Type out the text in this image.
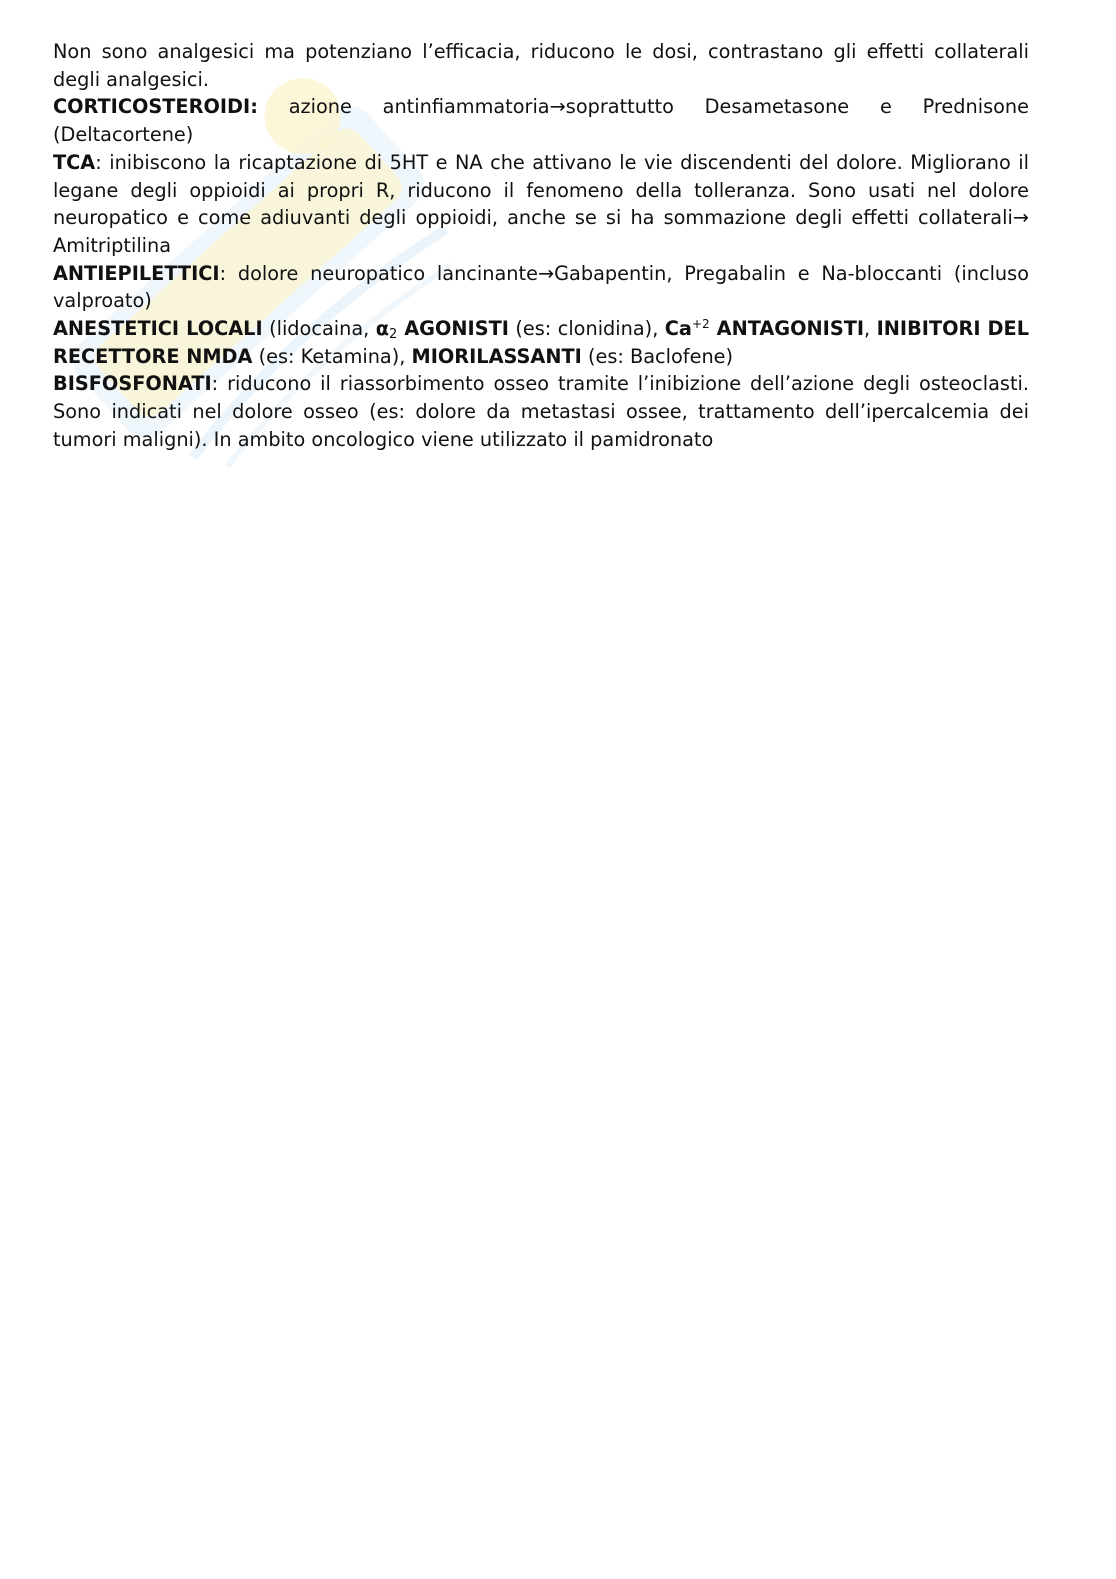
Non sono analgesici ma potenziano l’efficacia, riducono le dosi, contrastano gli effetti collaterali degli analgesici.

CORTICOSTEROIDI: azione antinfiammatoria→soprattutto Desametasone e Prednisone (Deltacortene)

TCA: inibiscono la ricaptazione di 5HT e NA che attivano le vie discendenti del dolore. Migliorano il legane degli oppioidi ai propri R, riducono il fenomeno della tolleranza. Sono usati nel dolore neuropatico e come adiuvanti degli oppioidi, anche se si ha sommazione degli effetti collaterali→ Amitriptilina

ANTIEPILETTICI: dolore neuropatico lancinante→Gabapentin, Pregabalin e Na-bloccanti (incluso valproato)

ANESTETICI LOCALI (lidocaina, $\alpha_2$ AGONISTI (es: clonidina), $Ca^{+2}$ ANTAGONISTI, INIBITORI DEL RECETTORE NMDA (es: Ketamina), MIORILASSANTI (es: Baclofene)

BISFOSFONATI: riducono il riassorbimento osseo tramite l’inibizione dell’azione degli osteoclasti. Sono indicati nel dolore osseo (es: dolore da metastasi ossee, trattamento dell’ipercalcemia dei tumori maligni). In ambito oncologico viene utilizzato il pamidronato
